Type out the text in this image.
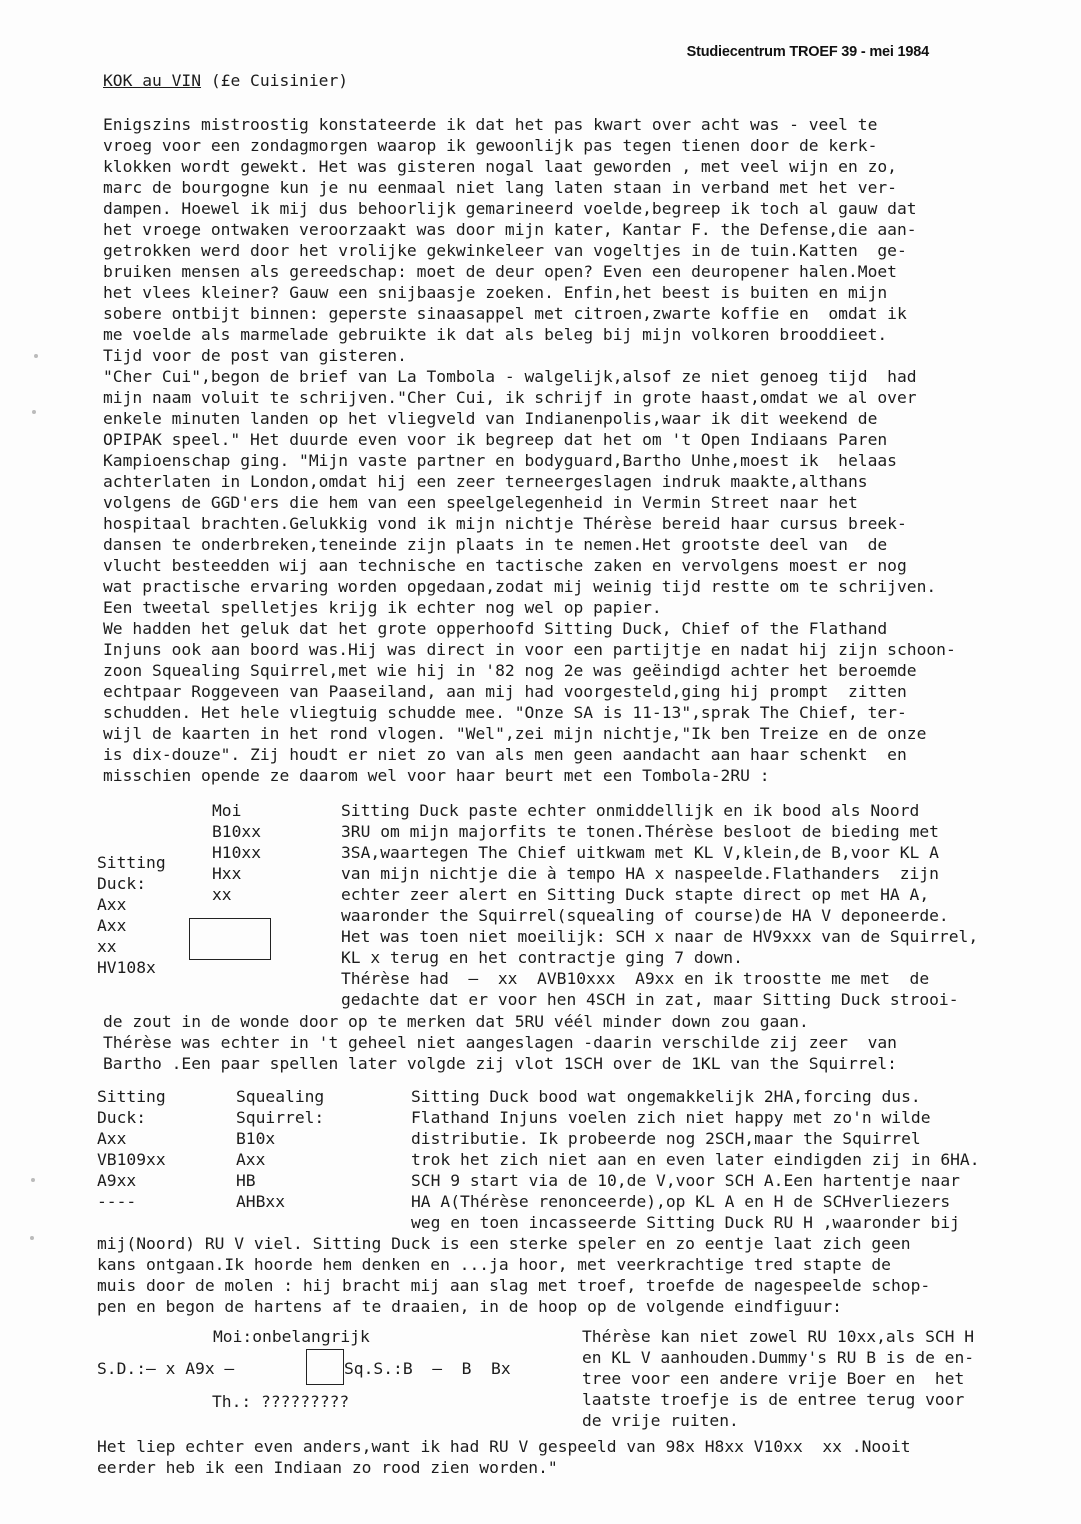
Studiecentrum TROEF 39 - mei 1984
KOK au VIN (£e Cuisinier)
Enigszins mistroostig konstateerde ik dat het pas kwart over acht was - veel te
vroeg voor een zondagmorgen waarop ik gewoonlijk pas tegen tienen door de kerk-
klokken wordt gewekt. Het was gisteren nogal laat geworden , met veel wijn en zo,
marc de bourgogne kun je nu eenmaal niet lang laten staan in verband met het ver-
dampen. Hoewel ik mij dus behoorlijk gemarineerd voelde,begreep ik toch al gauw dat
het vroege ontwaken veroorzaakt was door mijn kater, Kantar F. the Defense,die aan-
getrokken werd door het vrolijke gekwinkeleer van vogeltjes in de tuin.Katten  ge-
bruiken mensen als gereedschap: moet de deur open? Even een deuropener halen.Moet
het vlees kleiner? Gauw een snijbaasje zoeken. Enfin,het beest is buiten en mijn
sobere ontbijt binnen: geperste sinaasappel met citroen,zwarte koffie en  omdat ik
me voelde als marmelade gebruikte ik dat als beleg bij mijn volkoren brooddieet.
Tijd voor de post van gisteren.
"Cher Cui",begon de brief van La Tombola - walgelijk,alsof ze niet genoeg tijd  had
mijn naam voluit te schrijven."Cher Cui, ik schrijf in grote haast,omdat we al over
enkele minuten landen op het vliegveld van Indianenpolis,waar ik dit weekend de
OPIPAK speel." Het duurde even voor ik begreep dat het om 't Open Indiaans Paren
Kampioenschap ging. "Mijn vaste partner en bodyguard,Bartho Unhe,moest ik  helaas
achterlaten in London,omdat hij een zeer terneergeslagen indruk maakte,althans
volgens de GGD'ers die hem van een speelgelegenheid in Vermin Street naar het
hospitaal brachten.Gelukkig vond ik mijn nichtje Thérèse bereid haar cursus breek-
dansen te onderbreken,teneinde zijn plaats in te nemen.Het grootste deel van  de
vlucht besteedden wij aan technische en tactische zaken en vervolgens moest er nog
wat practische ervaring worden opgedaan,zodat mij weinig tijd restte om te schrijven.
Een tweetal spelletjes krijg ik echter nog wel op papier.
We hadden het geluk dat het grote opperhoofd Sitting Duck, Chief of the Flathand
Injuns ook aan boord was.Hij was direct in voor een partijtje en nadat hij zijn schoon-
zoon Squealing Squirrel,met wie hij in '82 nog 2e was geëindigd achter het beroemde
echtpaar Roggeveen van Paaseiland, aan mij had voorgesteld,ging hij prompt  zitten
schudden. Het hele vliegtuig schudde mee. "Onze SA is 11-13",sprak The Chief, ter-
wijl de kaarten in het rond vlogen. "Wel",zei mijn nichtje,"Ik ben Treize en de onze
is dix-douze". Zij houdt er niet zo van als men geen aandacht aan haar schenkt  en
misschien opende ze daarom wel voor haar beurt met een Tombola-2RU :
Moi
B10xx
H10xx
Hxx
xx
Sitting
Duck:
Axx
Axx
xx
HV108x
Sitting Duck paste echter onmiddellijk en ik bood als Noord
3RU om mijn majorfits te tonen.Thérèse besloot de bieding met
3SA,waartegen The Chief uitkwam met KL V,klein,de B,voor KL A
van mijn nichtje die à tempo HA x naspeelde.Flathanders  zijn
echter zeer alert en Sitting Duck stapte direct op met HA A,
waaronder the Squirrel(squealing of course)de HA V deponeerde.
Het was toen niet moeilijk: SCH x naar de HV9xxx van de Squirrel,
KL x terug en het contractje ging 7 down.
Thérèse had  —  xx  AVB10xxx  A9xx en ik troostte me met  de
gedachte dat er voor hen 4SCH in zat, maar Sitting Duck strooi-
de zout in de wonde door op te merken dat 5RU véél minder down zou gaan.
Thérèse was echter in 't geheel niet aangeslagen -daarin verschilde zij zeer  van
Bartho .Een paar spellen later volgde zij vlot 1SCH over de 1KL van the Squirrel:
Sitting
Duck:
Axx
VB109xx
A9xx
----
Squealing
Squirrel:
B10x
Axx
HB
AHBxx
Sitting Duck bood wat ongemakkelijk 2HA,forcing dus.
Flathand Injuns voelen zich niet happy met zo'n wilde
distributie. Ik probeerde nog 2SCH,maar the Squirrel
trok het zich niet aan en even later eindigden zij in 6HA.
SCH 9 start via de 10,de V,voor SCH A.Een hartentje naar
HA A(Thérèse renonceerde),op KL A en H de SCHverliezers
weg en toen incasseerde Sitting Duck RU H ,waaronder bij
mij(Noord) RU V viel. Sitting Duck is een sterke speler en zo eentje laat zich geen
kans ontgaan.Ik hoorde hem denken en ...ja hoor, met veerkrachtige tred stapte de
muis door de molen : hij bracht mij aan slag met troef, troefde de nagespeelde schop-
pen en begon de hartens af te draaien, in de hoop op de volgende eindfiguur:
Moi:onbelangrijk
S.D.:— x A9x —	Sq.S.:B  —  B  Bx
Th.: ?????????
Thérèse kan niet zowel RU 10xx,als SCH H
en KL V aanhouden.Dummy's RU B is de en-
tree voor een andere vrije Boer en  het
laatste troefje is de entree terug voor
de vrije ruiten.
Het liep echter even anders,want ik had RU V gespeeld van 98x H8xx V10xx  xx .Nooit
eerder heb ik een Indiaan zo rood zien worden."
